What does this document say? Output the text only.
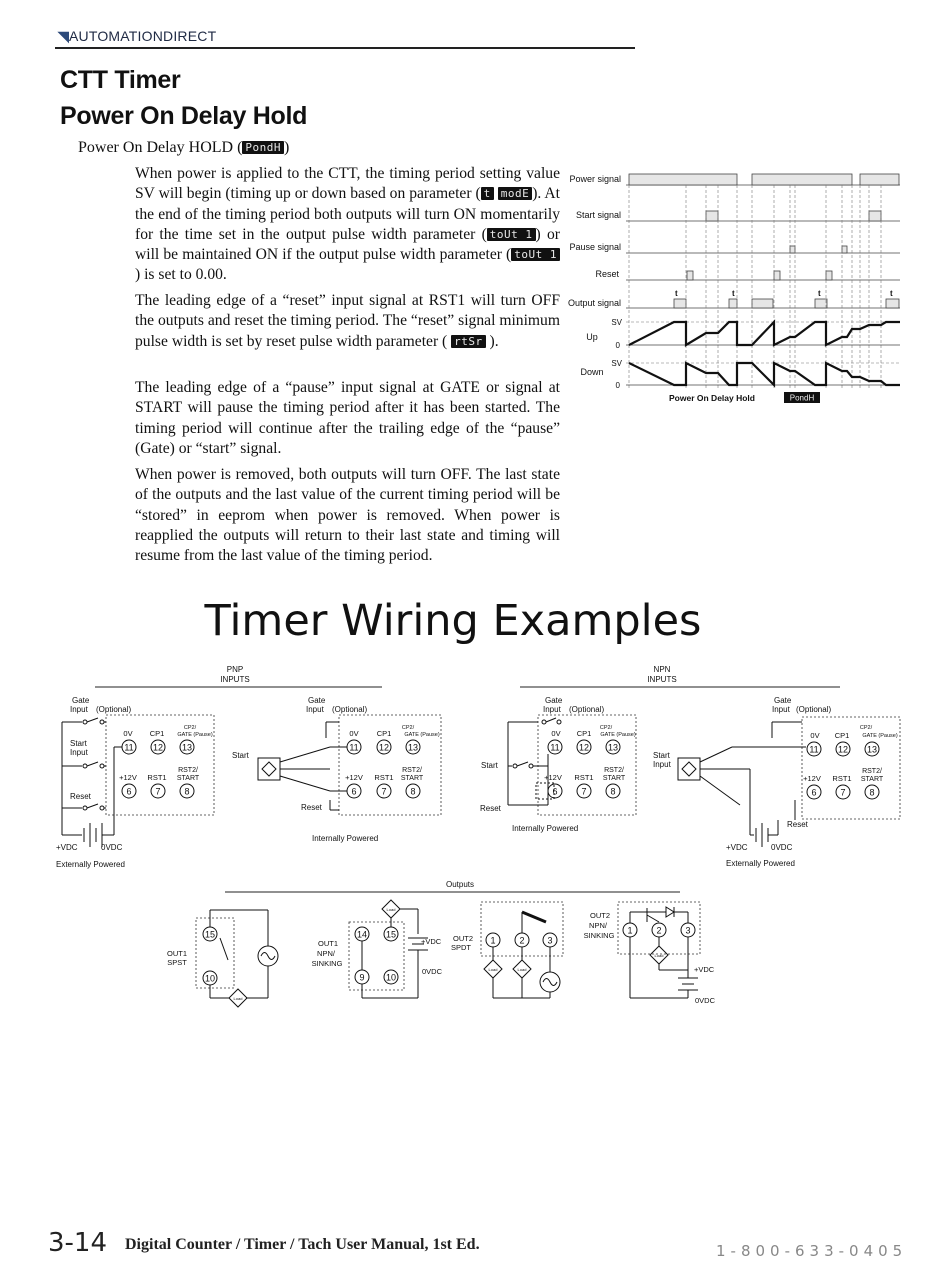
◥AUTOMATIONDIRECT
CTT Timer
Power On Delay Hold
Power On Delay HOLD ( PondH )

When power is applied to the CTT, the timing period setting value SV will begin (timing up or down based on parameter ( t modE ). At the end of the timing period both outputs will turn ON momentarily for the time set in the output pulse width parameter ( toUt 1 ) or will be maintained ON if the output pulse width parameter ( toUt 1) is set to 0.00.

The leading edge of a “reset” input signal at RST1 will turn OFF the outputs and reset the timing period. The “reset” signal minimum pulse width is set by reset pulse width parameter ( rtSr ).

The leading edge of a “pause” input signal at GATE or signal at START will pause the timing period after it has been started. The timing period will continue after the trailing edge of the “pause” (Gate) or “start” signal.

When power is removed, both outputs will turn OFF. The last state of the outputs and the last value of the current timing period will be “stored” in eeprom when power is removed. When power is reapplied the outputs will return to their last state and timing will resume from the last value of the timing period.

Power signal
Start signal
Pause signal
Reset
Output signal
Up
Down
SV
0
SV
0
t	t	t	t
Power On Delay Hold	PondH
Timer Wiring Examples
PNP
INPUTS
NPN
INPUTS
Gate
Input (Optional)
Start
Input
Reset
+VDC	0VDC
Externally Powered
0V CP1
CP2/
GATE (Pause)
+12V RST1
RST2/
START
11 12 13
6	7	8
Gate
Input (Optional)
Start
Reset
Internally Powered
0V CP1
CP2/
GATE (Pause)
+12V RST1
RST2/
START
11 12 13
6	7	8
Gate
Input (Optional)
Start
Reset
Internally Powered
0V CP1
CP2/
GATE (Pause)
+12V RST1
RST2/
START
11 12 13
6	7	8
Gate
Input (Optional)
Start
Input
Reset
+VDC	0VDC
Externally Powered
0V CP1
CP2/
GATE (Pause)
+12V RST1
RST2/
START
11 12 13
6	7	8
Outputs
OUT1
SPST
15
10
Load
OUT1
NPN/
SINKING
14 15
9 10
Load
+VDC
0VDC
OUT2
SPDT
1	2	3
Load	Load
OUT2
NPN/
SINKING 1	2	3
Load
+VDC
0VDC
3-14 Digital Counter / Timer / Tach User Manual, 1st Ed.	1-800-633-0405
